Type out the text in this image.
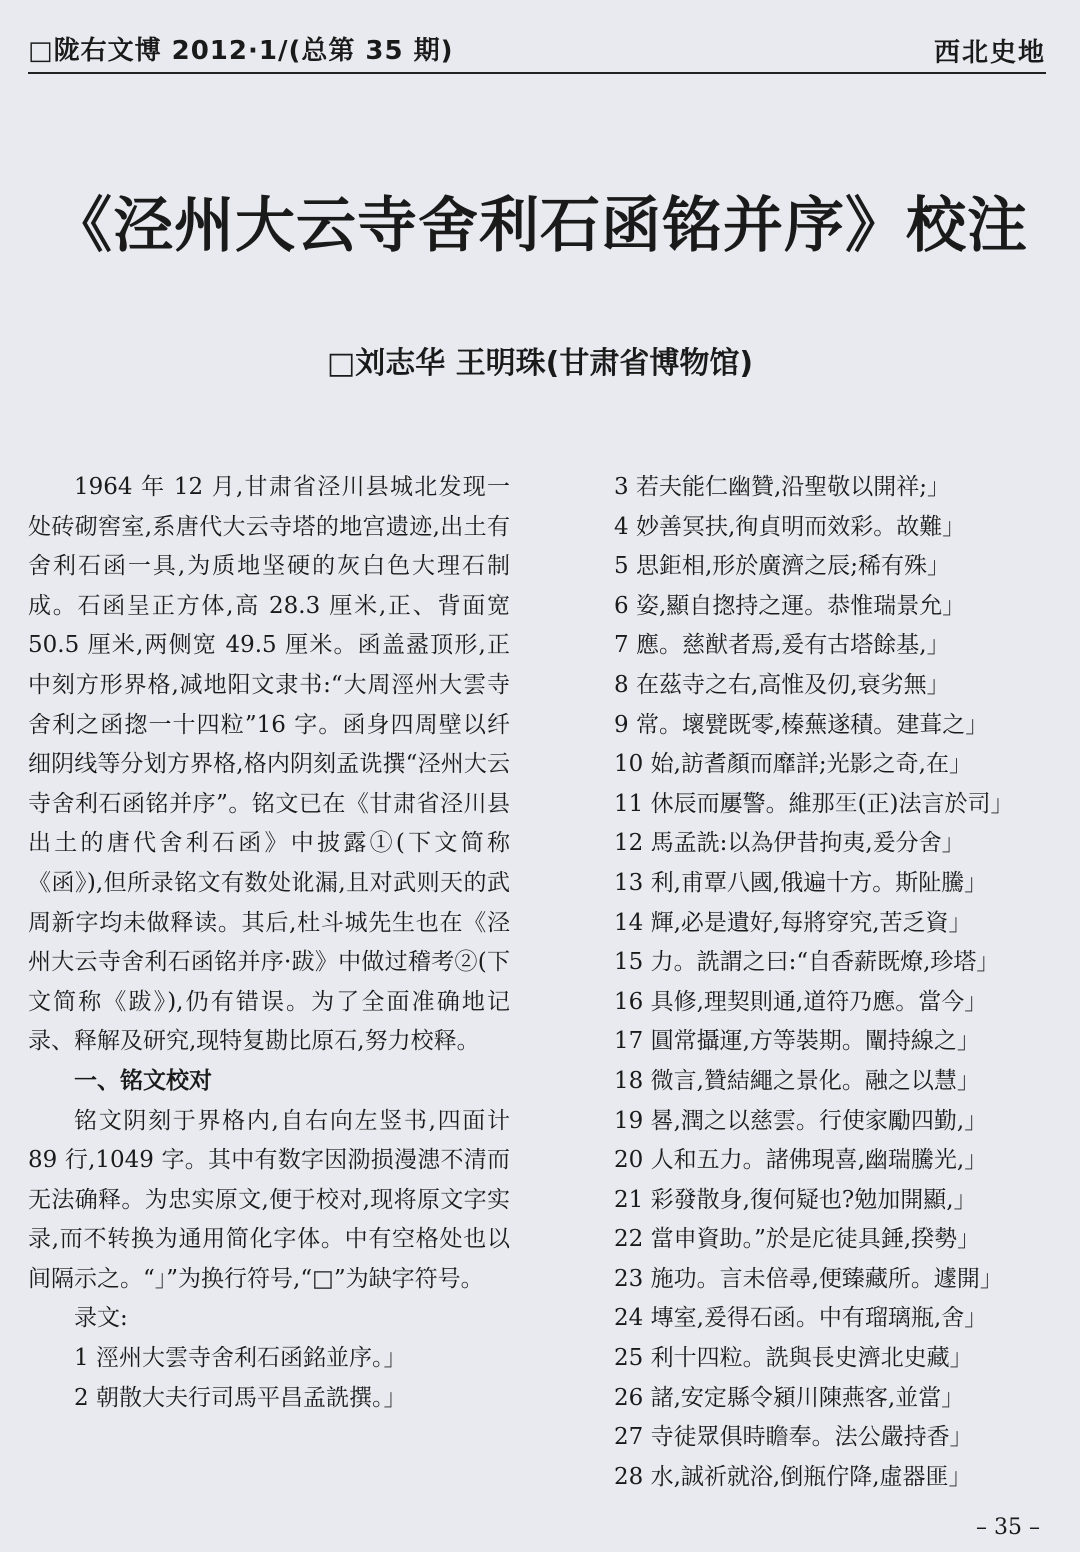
□陇右文博 2012·1/(总第 35 期)	西北史地
《泾州大云寺舍利石函铭并序》校注
□刘志华 王明珠(甘肃省博物馆)

1964 年 12 月,甘肃省泾川县城北发现一处砖砌窖室,系唐代大云寺塔的地宫遗迹,出土有舍利石函一具,为质地坚硬的灰白色大理石制成。石函呈正方体,高 28.3 厘米,正、背面宽 50.5 厘米,两侧宽 49.5 厘米。函盖盝顶形,正中刻方形界格,减地阳文隶书:“大周涇州大雲寺舍利之函揔一十四粒”16 字。函身四周壁以纤细阴线等分划方界格,格内阴刻孟诜撰“泾州大云寺舍利石函铭并序”。铭文已在《甘肃省泾川县出土的唐代舍利石函》中披露①(下文简称《函》),但所录铭文有数处讹漏,且对武则天的武周新字均未做释读。其后,杜斗城先生也在《泾州大云寺舍利石函铭并序·跋》中做过稽考②(下文简称《跋》),仍有错误。为了全面准确地记录、释解及研究,现特复勘比原石,努力校释。

一、铭文校对

铭文阴刻于界格内,自右向左竖书,四面计 89 行,1049 字。其中有数字因泐损漫漶不清而无法确释。为忠实原文,便于校对,现将原文字实录,而不转换为通用简化字体。中有空格处也以间隔示之。“」”为换行符号,“□”为缺字符号。

录文:
1 涇州大雲寺舍利石函銘並序。」
2 朝散大夫行司馬平昌孟詵撰。」
3 若夫能仁幽贊,沿聖敬以開祥;」
4 妙善冥扶,徇貞明而效彩。故難」
5 思鉅相,形於廣濟之辰;稀有殊」
6 姿,顯自揔持之運。恭惟瑞景允」
7 應。慈猷者焉,爰有古塔餘基,」
8 在茲寺之右,高惟及仞,衰劣無」
9 常。壞甓既零,榛蕪遂積。建葺之」
10 始,訪耆顏而靡詳;光影之奇,在」
11 休辰而屢警。維那𤯔(正)法言於司」
12 馬孟詵:以為伊昔拘夷,爰分舍」
13 利,甫覃八國,俄遍十方。斯阯騰」
14 輝,必是遺好,每將穿究,苦乏資」
15 力。詵謂之曰:“自香薪既燎,珍塔」
16 具修,理契則通,道符乃應。當今」
17 圓常攝運,方等裝期。闡持線之」
18 微言,贊結繩之景化。融之以慧」
19 晷,潤之以慈雲。行使家勵四勤,」
20 人和五力。諸佛現喜,幽瑞騰光,」
21 彩發散身,復何疑也?勉加開顯,」
22 當申資助。”於是庀徒具錘,揆勢」
23 施功。言未倍尋,便臻藏所。遽開」
24 塼室,爰得石函。中有瑠璃瓶,舍」
25 利十四粒。詵與長史濟北史藏」
26 諸,安定縣令潁川陳燕客,並當」
27 寺徒眾俱時瞻奉。法公嚴持香」
28 水,誠祈就浴,倒瓶佇降,虛器匪」
– 35 –
